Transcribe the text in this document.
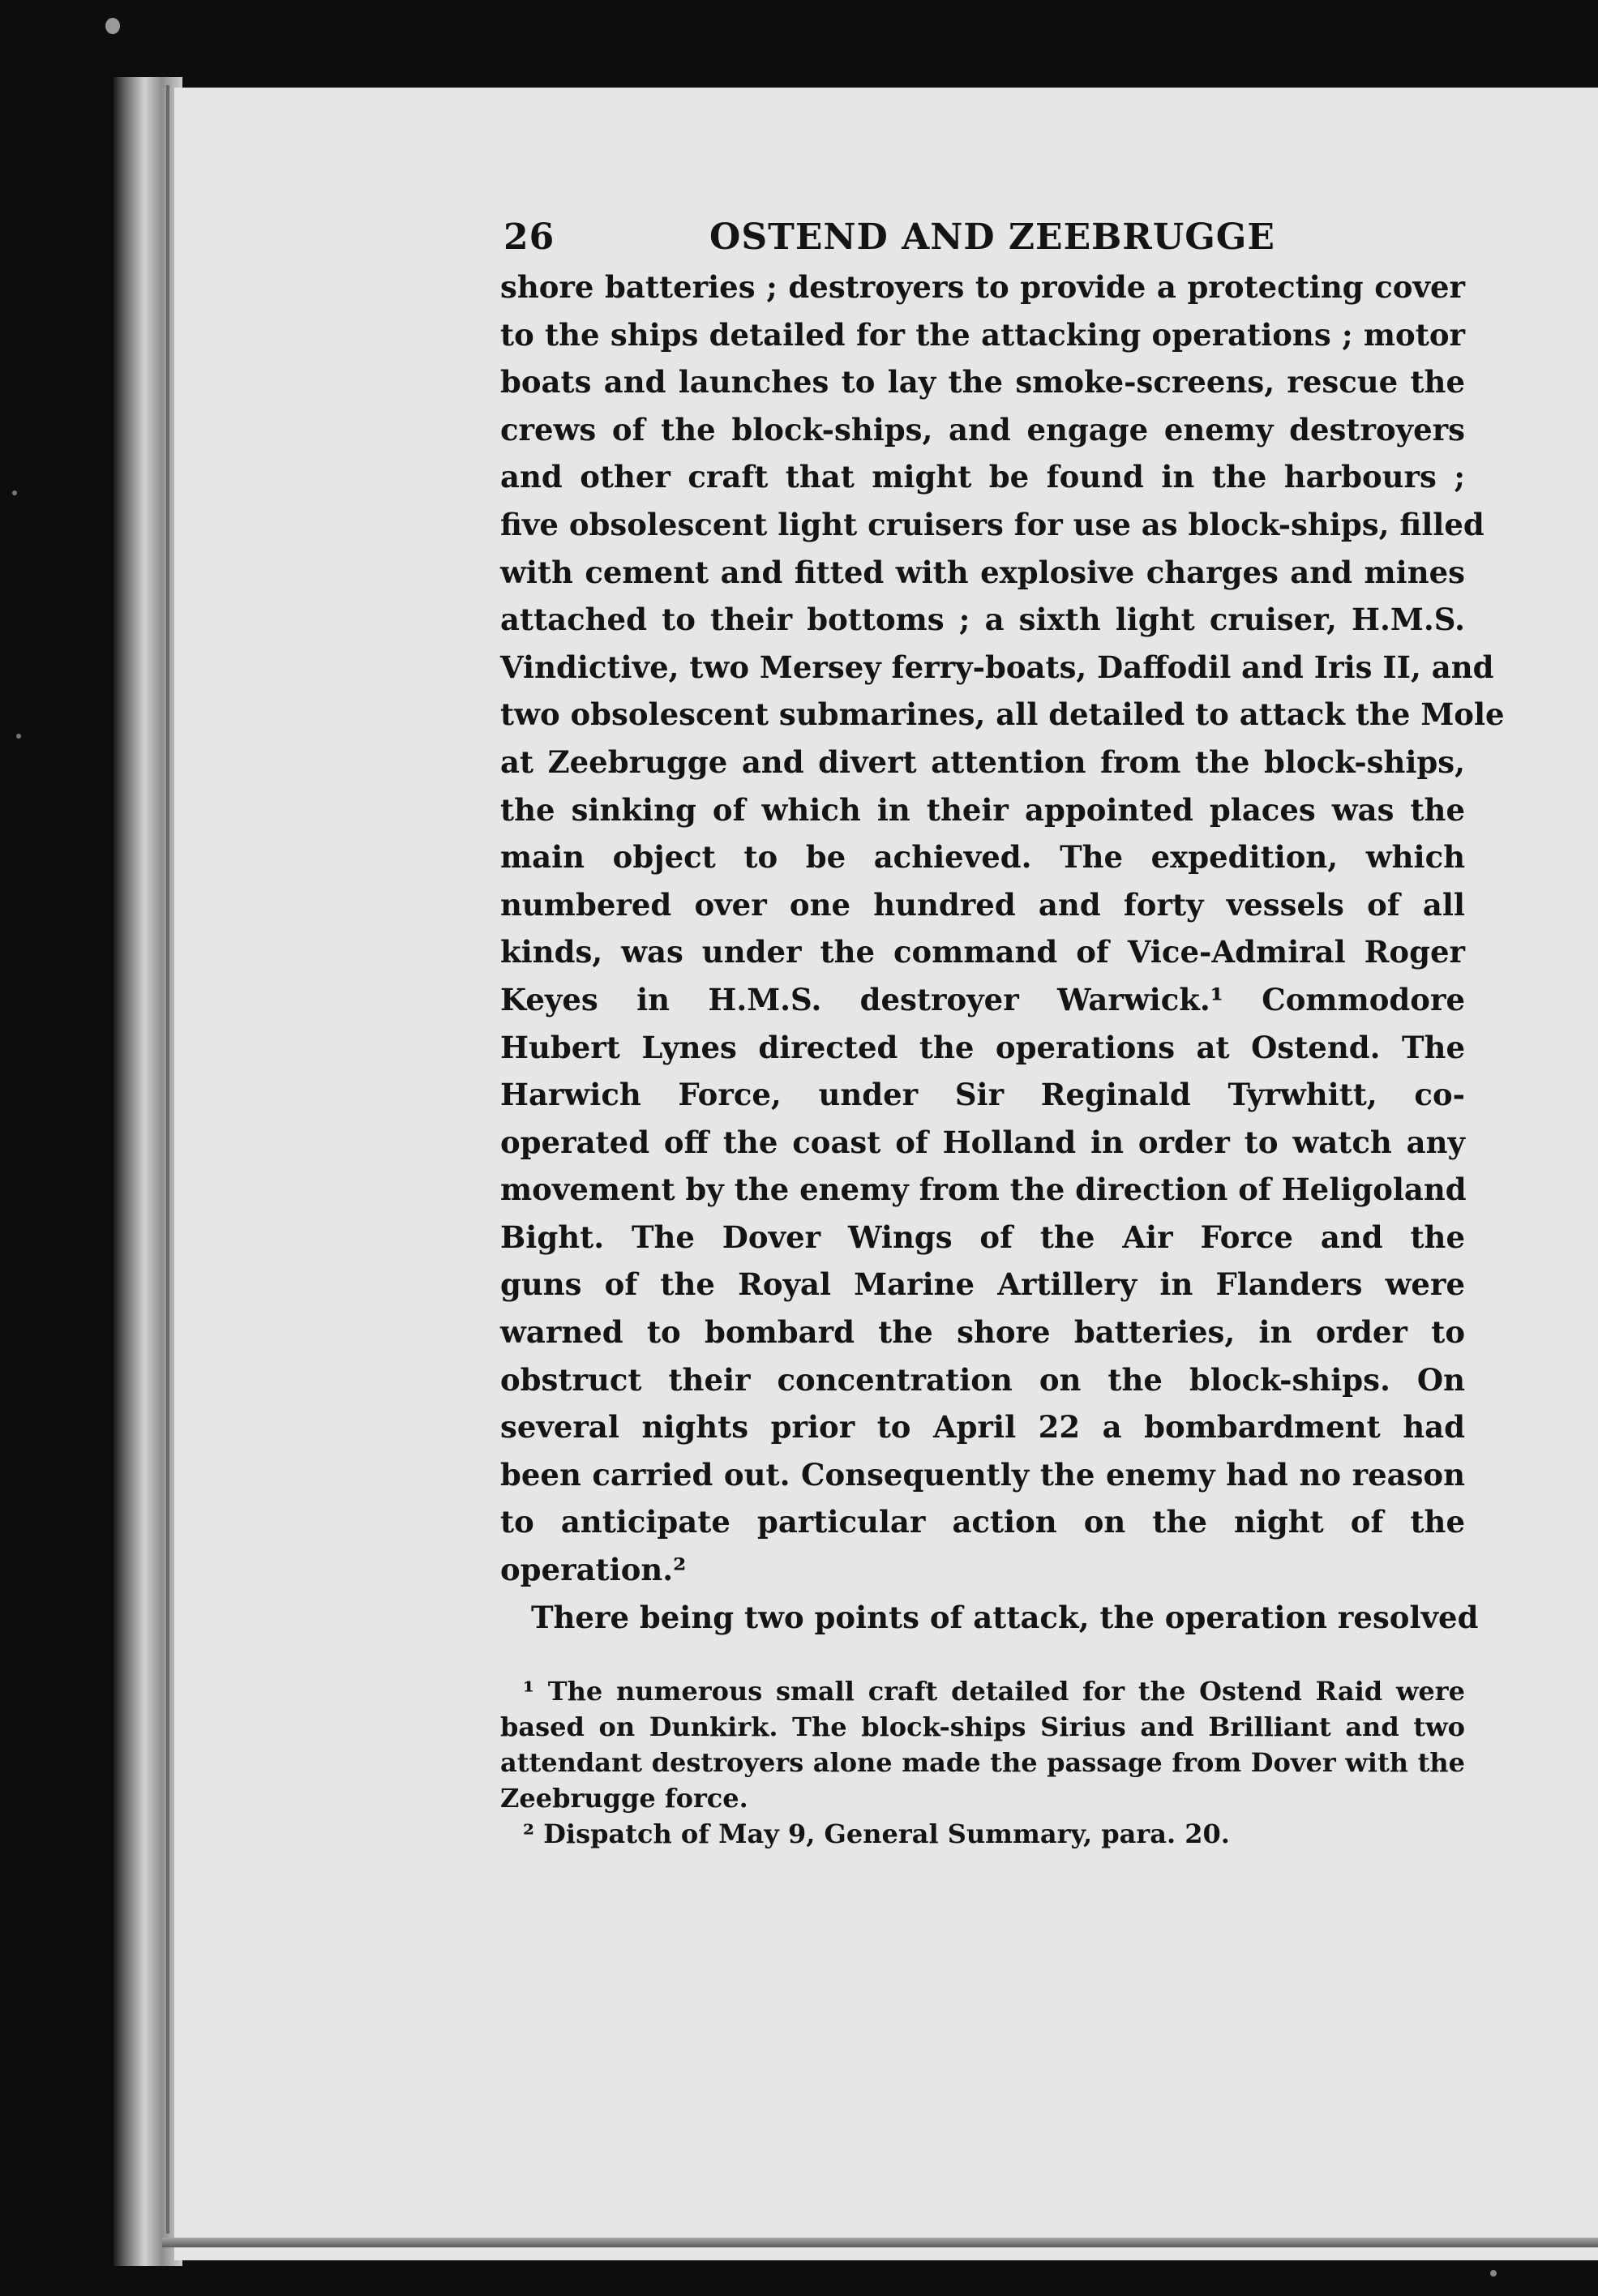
26	OSTEND AND ZEEBRUGGE
shore batteries ; destroyers to provide a protecting cover
to the ships detailed for the attacking operations ; motor
boats and launches to lay the smoke-screens, rescue the
crews of the block-ships, and engage enemy destroyers
and other craft that might be found in the harbours ;
five obsolescent light cruisers for use as block-ships, filled
with cement and fitted with explosive charges and mines
attached to their bottoms ; a sixth light cruiser, H.M.S.
Vindictive, two Mersey ferry-boats, Daffodil and Iris II, and
two obsolescent submarines, all detailed to attack the Mole
at Zeebrugge and divert attention from the block-ships,
the sinking of which in their appointed places was the
main object to be achieved. The expedition, which
numbered over one hundred and forty vessels of all
kinds, was under the command of Vice-Admiral Roger
Keyes in H.M.S. destroyer Warwick.¹ Commodore
Hubert Lynes directed the operations at Ostend. The
Harwich Force, under Sir Reginald Tyrwhitt, co-
operated off the coast of Holland in order to watch any
movement by the enemy from the direction of Heligoland
Bight. The Dover Wings of the Air Force and the
guns of the Royal Marine Artillery in Flanders were
warned to bombard the shore batteries, in order to
obstruct their concentration on the block-ships. On
several nights prior to April 22 a bombardment had
been carried out. Consequently the enemy had no reason
to anticipate particular action on the night of the
operation.²
There being two points of attack, the operation resolved
¹ The numerous small craft detailed for the Ostend Raid were
based on Dunkirk. The block-ships Sirius and Brilliant and two
attendant destroyers alone made the passage from Dover with the
Zeebrugge force.
² Dispatch of May 9, General Summary, para. 20.
